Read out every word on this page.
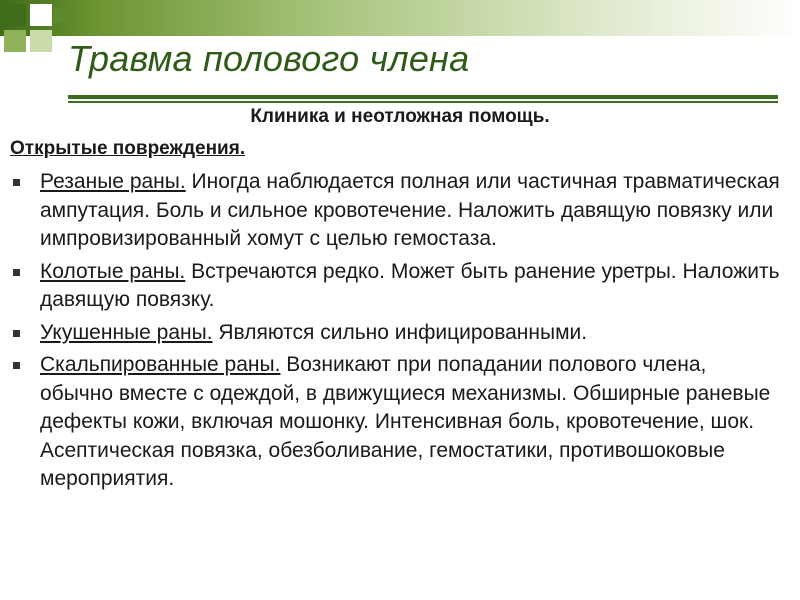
Травма полового члена
Клиника и неотложная помощь.
Открытые повреждения.
Резаные раны. Иногда наблюдается полная или частичная травматическая ампутация. Боль и сильное кровотечение. Наложить давящую повязку или импровизированный хомут с целью гемостаза.
Колотые раны. Встречаются редко. Может быть ранение уретры. Наложить давящую повязку.
Укушенные раны. Являются сильно инфицированными.
Скальпированные раны. Возникают при попадании полового члена, обычно вместе с одеждой, в движущиеся механизмы. Обширные раневые дефекты кожи, включая мошонку. Интенсивная боль, кровотечение, шок. Асептическая повязка, обезболивание, гемостатики, противошоковые мероприятия.
